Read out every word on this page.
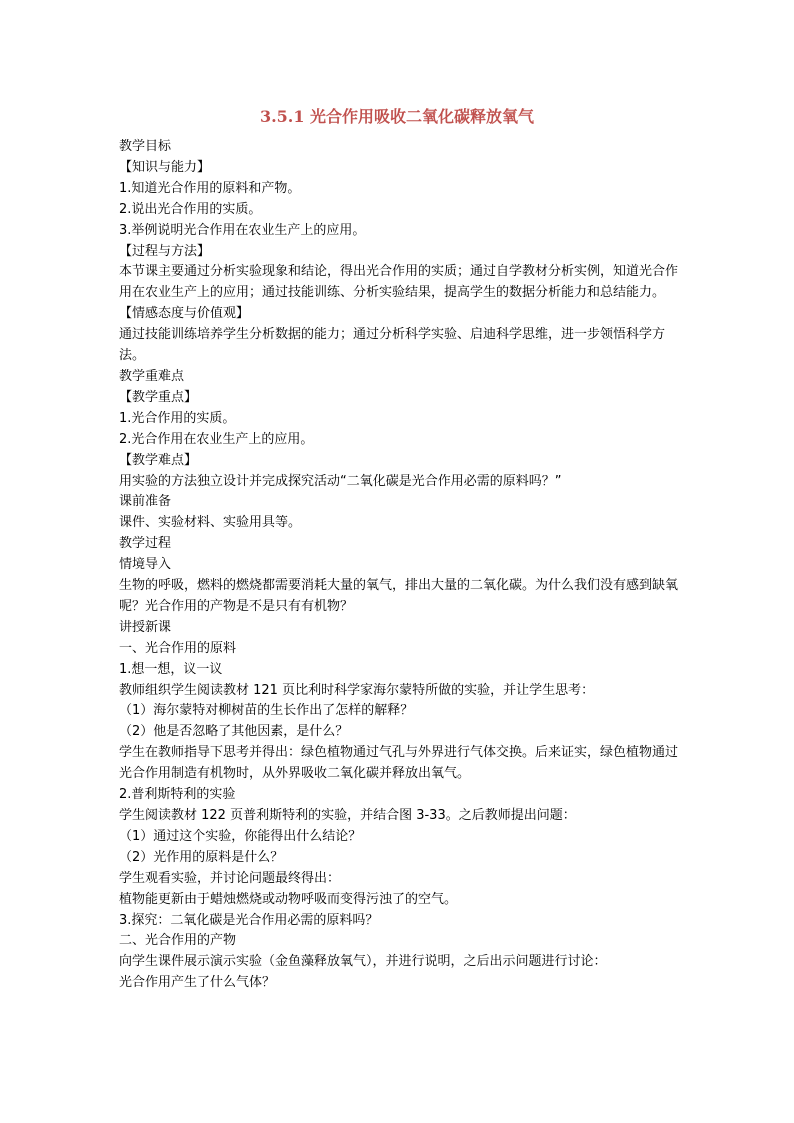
3.5.1 光合作用吸收二氧化碳释放氧气

教学目标

【知识与能力】

1.知道光合作用的原料和产物。

2.说出光合作用的实质。

3.举例说明光合作用在农业生产上的应用。

【过程与方法】

本节课主要通过分析实验现象和结论，得出光合作用的实质；通过自学教材分析实例，知道光合作用在农业生产上的应用；通过技能训练、分析实验结果，提高学生的数据分析能力和总结能力。

【情感态度与价值观】

通过技能训练培养学生分析数据的能力；通过分析科学实验、启迪科学思维，进一步领悟科学方法。

教学重难点

【教学重点】

1.光合作用的实质。

2.光合作用在农业生产上的应用。

【教学难点】

用实验的方法独立设计并完成探究活动“二氧化碳是光合作用必需的原料吗？”

课前准备

课件、实验材料、实验用具等。

教学过程

情境导入

生物的呼吸，燃料的燃烧都需要消耗大量的氧气，排出大量的二氧化碳。为什么我们没有感到缺氧呢？光合作用的产物是不是只有有机物？

讲授新课

一、光合作用的原料

1.想一想，议一议

教师组织学生阅读教材 121 页比利时科学家海尔蒙特所做的实验，并让学生思考：

（1）海尔蒙特对柳树苗的生长作出了怎样的解释？

（2）他是否忽略了其他因素，是什么？

学生在教师指导下思考并得出：绿色植物通过气孔与外界进行气体交换。后来证实，绿色植物通过光合作用制造有机物时，从外界吸收二氧化碳并释放出氧气。

2.普利斯特利的实验

学生阅读教材 122 页普利斯特利的实验，并结合图 3-33。之后教师提出问题：

（1）通过这个实验，你能得出什么结论？

（2）光作用的原料是什么？

学生观看实验，并讨论问题最终得出：

植物能更新由于蜡烛燃烧或动物呼吸而变得污浊了的空气。

3.探究：二氧化碳是光合作用必需的原料吗？

二、光合作用的产物

向学生课件展示演示实验（金鱼藻释放氧气），并进行说明，之后出示问题进行讨论：

光合作用产生了什么气体？
